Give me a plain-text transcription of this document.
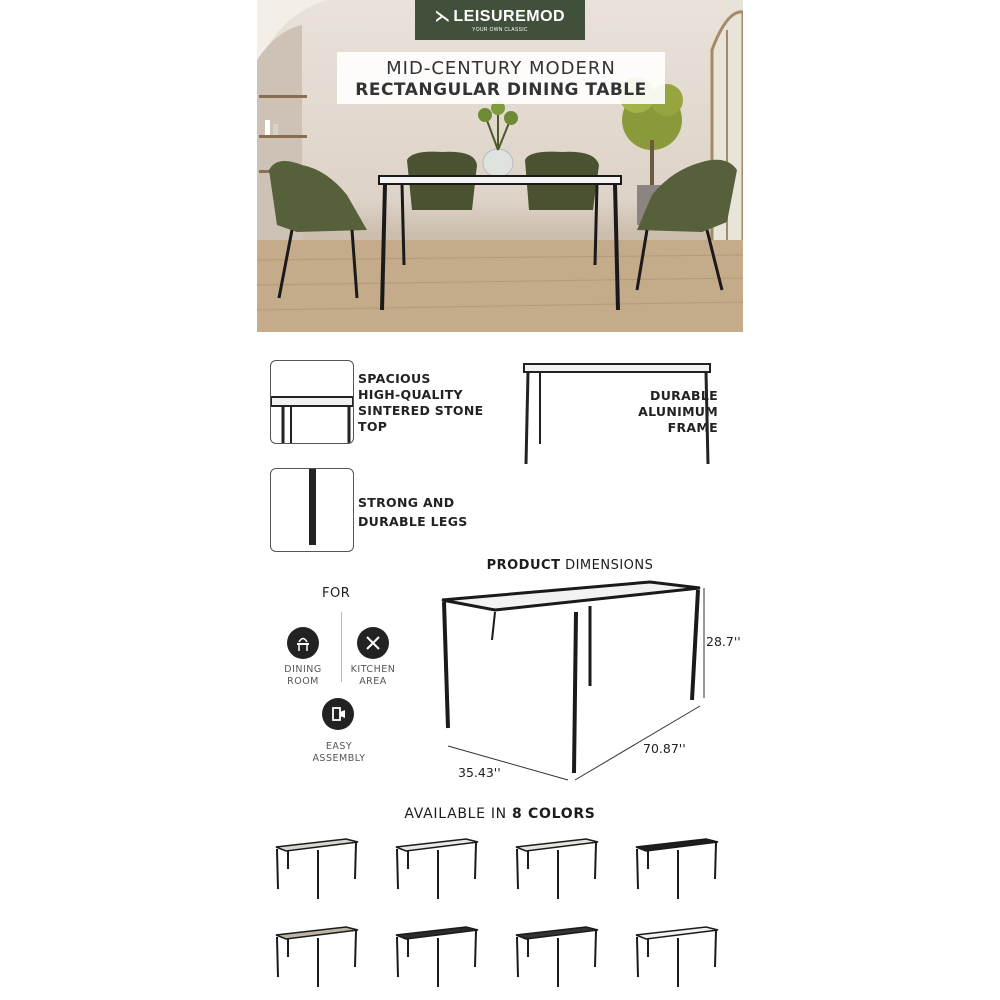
⋋ LEISUREMOD
YOUR OWN CLASSIC
MID-CENTURY MODERN
RECTANGULAR DINING TABLE
SPACIOUS
HIGH-QUALITY
SINTERED STONE
TOP
DURABLE
ALUNIMUM
FRAME
STRONG AND
DURABLE LEGS
FOR
DINING
ROOM
KITCHEN
AREA
EASY
ASSEMBLY
PRODUCT DIMENSIONS
28.7''
70.87''
35.43''
AVAILABLE IN 8 COLORS
